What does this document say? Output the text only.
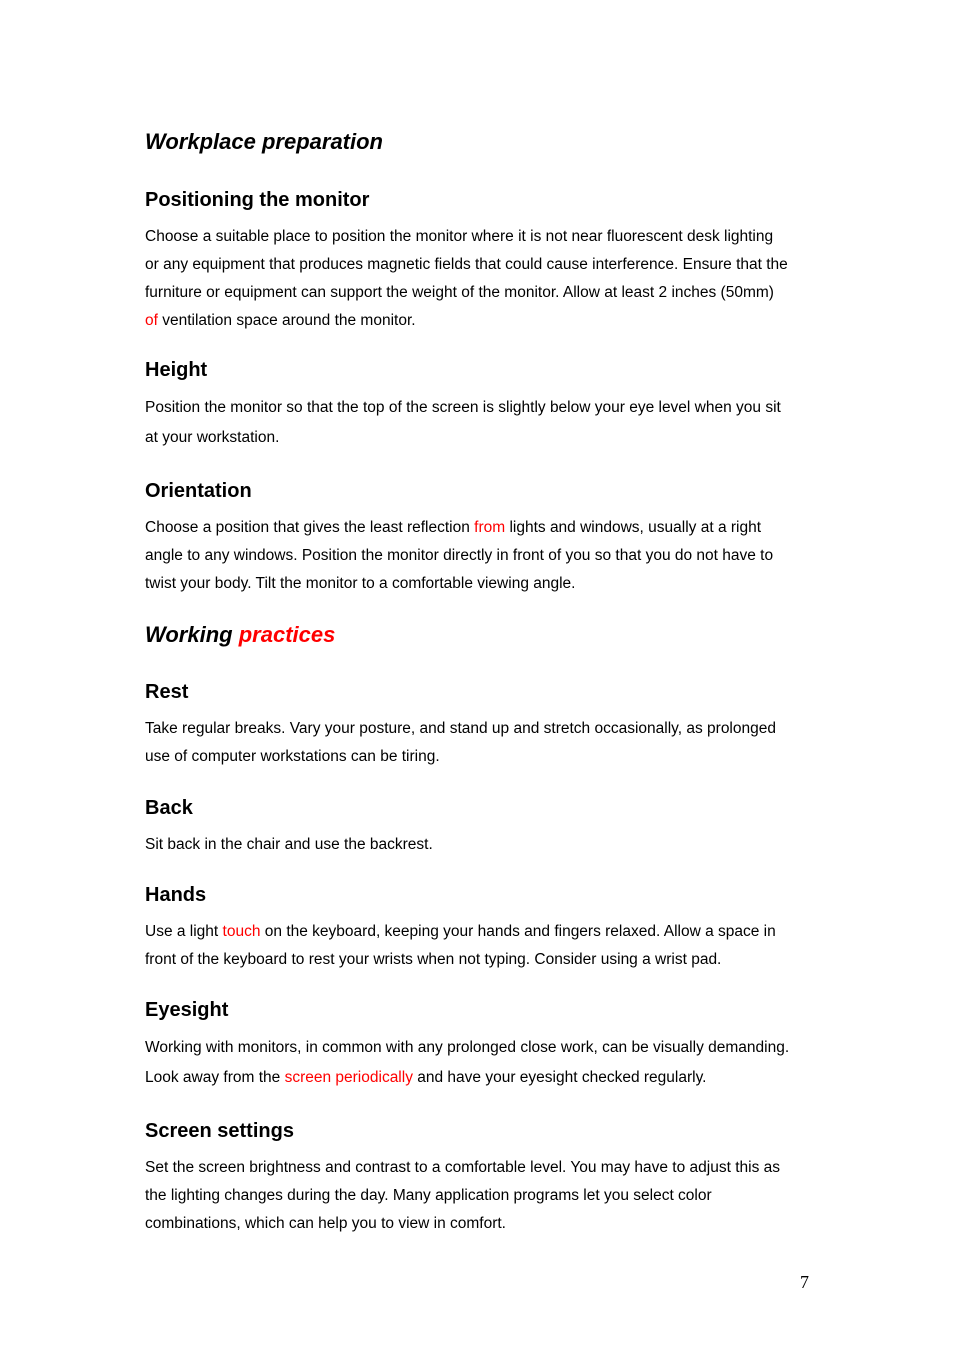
Workplace preparation
Positioning the monitor

Choose a suitable place to position the monitor where it is not near fluorescent desk lighting
or any equipment that produces magnetic fields that could cause interference. Ensure that the
furniture or equipment can support the weight of the monitor. Allow at least 2 inches (50mm)
of ventilation space around the monitor.

Height

Position the monitor so that the top of the screen is slightly below your eye level when you sit
at your workstation.

Orientation

Choose a position that gives the least reflection from lights and windows, usually at a right
angle to any windows. Position the monitor directly in front of you so that you do not have to
twist your body. Tilt the monitor to a comfortable viewing angle.

Working practices
Rest

Take regular breaks. Vary your posture, and stand up and stretch occasionally, as prolonged
use of computer workstations can be tiring.

Back

Sit back in the chair and use the backrest.

Hands

Use a light touch on the keyboard, keeping your hands and fingers relaxed. Allow a space in
front of the keyboard to rest your wrists when not typing. Consider using a wrist pad.

Eyesight

Working with monitors, in common with any prolonged close work, can be visually demanding.
Look away from the screen periodically and have your eyesight checked regularly.

Screen settings

Set the screen brightness and contrast to a comfortable level. You may have to adjust this as
the lighting changes during the day. Many application programs let you select color
combinations, which can help you to view in comfort.

7
